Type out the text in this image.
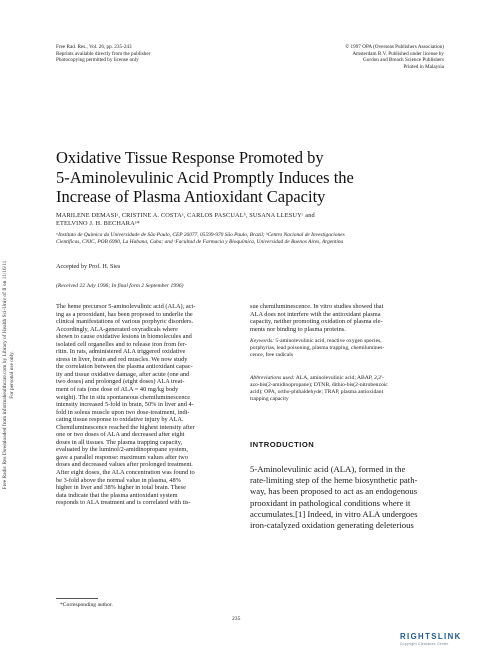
Free Radic Res Downloaded from informahealthcare.com by Library of Health Sci-Univ of Il on 11/16/11 For personal use only.
Free Rad. Res., Vol. 26, pp. 235-243
Reprints available directly from the publisher
Photocopying permitted by license only
© 1997 OPA (Overseas Publishers Association)
Amsterdam B.V. Published under license by
Gordon and Breach Science Publishers
Printed in Malaysia
Oxidative Tissue Response Promoted by
5-Aminolevulinic Acid Promptly Induces the
Increase of Plasma Antioxidant Capacity
MARILENE DEMASIᵃ, CRISTINE A. COSTAᵃ, CARLOS PASCUALᵇ, SUSANA LLESUYᶜ and
ETELVINO J. H. BECHARAᵃ*
ᵃInstituto de Química da Universidade de São Paulo, CEP 26077, 05599-970 São Paulo, Brazil; ᵇCentro Nacional de Investigaciones
Científicas, CNIC, POB 6990, La Habana, Cuba; and ᶜFacultad de Farmacia y Bioquímica, Universidad de Buenos Aires, Argentina
Accepted by Prof. H. Sies
(Received 22 July 1996; In final form 2 September 1996)
The heme precursor 5-aminolevulinic acid (ALA), act-
ing as a prooxidant, has been proposed to underlie the
clinical manifestations of various porphyric disorders.
Accordingly, ALA-generated oxyradicals where
shown to cause oxidative lesions in biomolecules and
isolated cell organelles and to release iron from fer-
ritin. In rats, administered ALA triggered oxidative
stress in liver, brain and red muscles. We now study
the correlation between the plasma antioxidant capac-
ity and tissue oxidative damage, after acute (one and
two doses) and prolonged (eight doses) ALA treat-
ment of rats (one dose of ALA = 40 mg/kg body
weight). The in situ spontaneous chemiluminescence
intensity increased 5-fold in brain, 50% in liver and 4-
fold in soleus muscle upon two dose-treatment, indi-
cating tissue response to oxidative injury by ALA.
Chemiluminescence reached the highest intensity after
one or two doses of ALA and decreased after eight
doses in all tissues. The plasma trapping capacity,
evaluated by the luminol/2-amidinopropane system,
gave a parallel response: maximum values after two
doses and decreased values after prolonged treatment.
After eight doses, the ALA concentration was found to
be 3-fold above the normal value in plasma, 48%
higher in liver and 38% higher in total brain. These
data indicate that the plasma antioxidant system
responds to ALA treatment and is correlated with tis-
sue chemiluminescence. In vitro studies showed that
ALA does not interfere with the antioxidant plasma
capacity, neither promoting oxidation of plasma ele-
ments nor binding to plasma proteins.
Keywords: 5-aminolevulinic acid, reactive oxygen species,
porphyrias, lead poisoning, plasma trapping, chemilumines-
cence, free radicals
Abbreviations used: ALA, aminolevulinic acid; ABAP, 2,2'-
azo-bis(2-amidinopropane); DTNB, dithio-bis(2-nitrobenzoic
acid); OPA, ortho-phthaldehyde; TRAP, plasma antioxidant
trapping capacity
INTRODUCTION
5-Aminolevulinic acid (ALA), formed in the
rate-limiting step of the heme biosynthetic path-
way, has been proposed to act as an endogenous
prooxidant in pathological conditions where it
accumulates.[1] Indeed, in vitro ALA undergoes
iron-catalyzed oxidation generating deleterious
*Corresponding author.
235
RIGHTSLINK
Copyright Clearance Center
